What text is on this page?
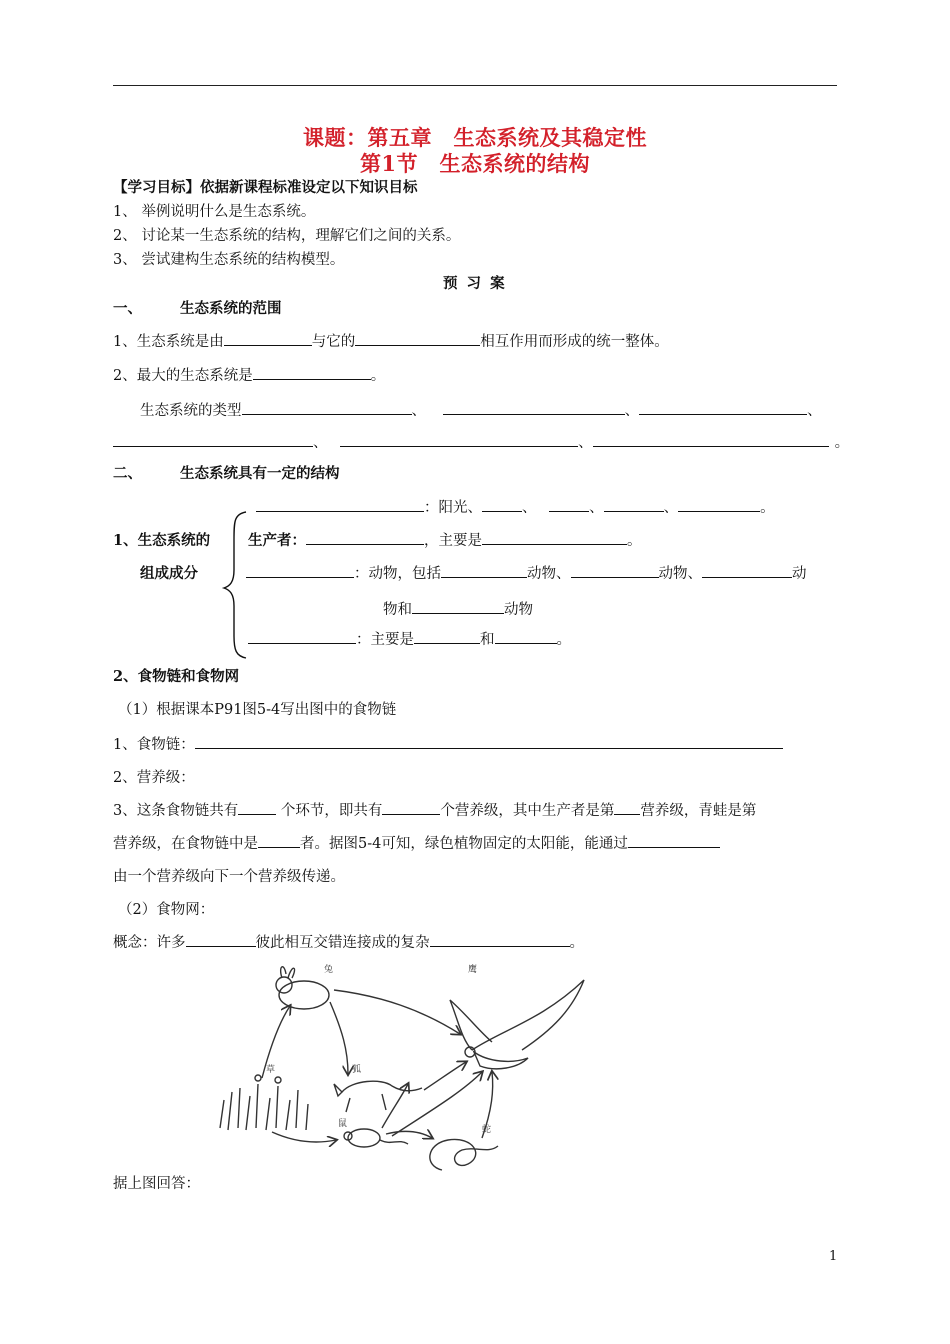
课题：第五章　生态系统及其稳定性
第1节　生态系统的结构
【学习目标】依据新课程标准设定以下知识目标
1、 举例说明什么是生态系统。
2、 讨论某一生态系统的结构，理解它们之间的关系。
3、 尝试建构生态系统的结构模型。
预 习 案
一、	生态系统的范围
1、生态系统是由	与它的	相互作用而形成的统一整体。
2、最大的生态系统是	。
生态系统的类型	、	、	、
、	、	。
二、	生态系统具有一定的结构
：阳光、	、	、	、	。
1、生态系统的
组成成分
生产者：	，主要是	。
：动物，包括	动物、	动物、	动
物和	动物
：主要是	和	。
2、食物链和食物网
（1）根据课本P91图5-4写出图中的食物链
1、食物链：
2、营养级：
3、这条食物链共有	个环节，即共有	个营养级，其中生产者是第 营养级，青蛙是第
营养级，在食物链中是	者。据图5-4可知，绿色植物固定的太阳能，能通过
由一个营养级向下一个营养级传递。
（2）食物网：
概念：许多	彼此相互交错连接成的复杂	。
兔	鹰
狐
草
鼠
蛇
据上图回答：
1
